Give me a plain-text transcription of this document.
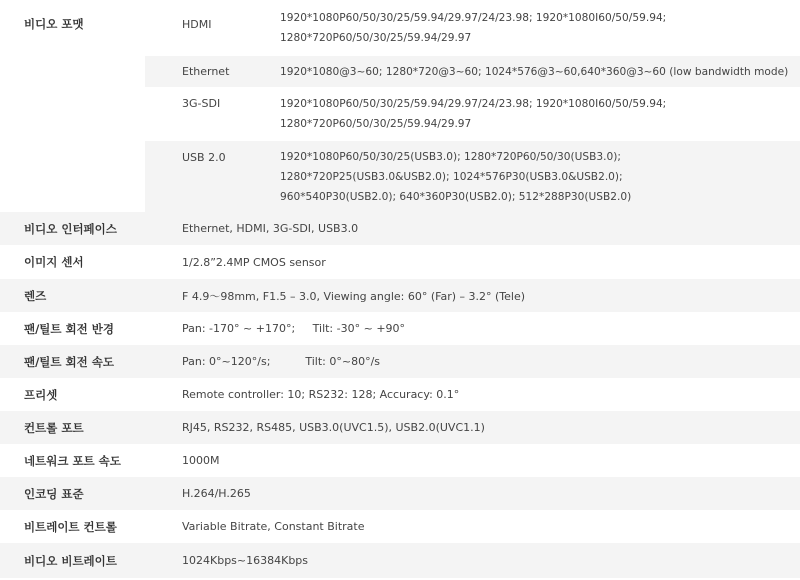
비디오 포맷	HDMI	1920*1080P60/50/30/25/59.94/29.97/24/23.98; 1920*1080I60/50/59.94;
1280*720P60/50/30/25/59.94/29.97
Ethernet	1920*1080@3~60; 1280*720@3~60; 1024*576@3~60,640*360@3~60 (low bandwidth mode)
3G-SDI	1920*1080P60/50/30/25/59.94/29.97/24/23.98; 1920*1080I60/50/59.94;
1280*720P60/50/30/25/59.94/29.97
USB 2.0	1920*1080P60/50/30/25(USB3.0); 1280*720P60/50/30(USB3.0);
1280*720P25(USB3.0&USB2.0); 1024*576P30(USB3.0&USB2.0);
960*540P30(USB2.0); 640*360P30(USB2.0); 512*288P30(USB2.0)
비디오 인터페이스	Ethernet, HDMI, 3G-SDI, USB3.0
이미지 센서	1/2.8”2.4MP CMOS sensor
렌즈	F 4.9～98mm, F1.5 – 3.0, Viewing angle: 60° (Far) – 3.2° (Tele)
팬/틸트 회전 반경	Pan: -170° ~ +170°;     Tilt: -30° ~ +90°
팬/틸트 회전 속도	Pan: 0°~120°/s;          Tilt: 0°~80°/s
프리셋	Remote controller: 10; RS232: 128; Accuracy: 0.1°
컨트롤 포트	RJ45, RS232, RS485, USB3.0(UVC1.5), USB2.0(UVC1.1)
네트워크 포트 속도	1000M
인코딩 표준	H.264/H.265
비트레이트 컨트롤	Variable Bitrate, Constant Bitrate
비디오 비트레이트	1024Kbps~16384Kbps
